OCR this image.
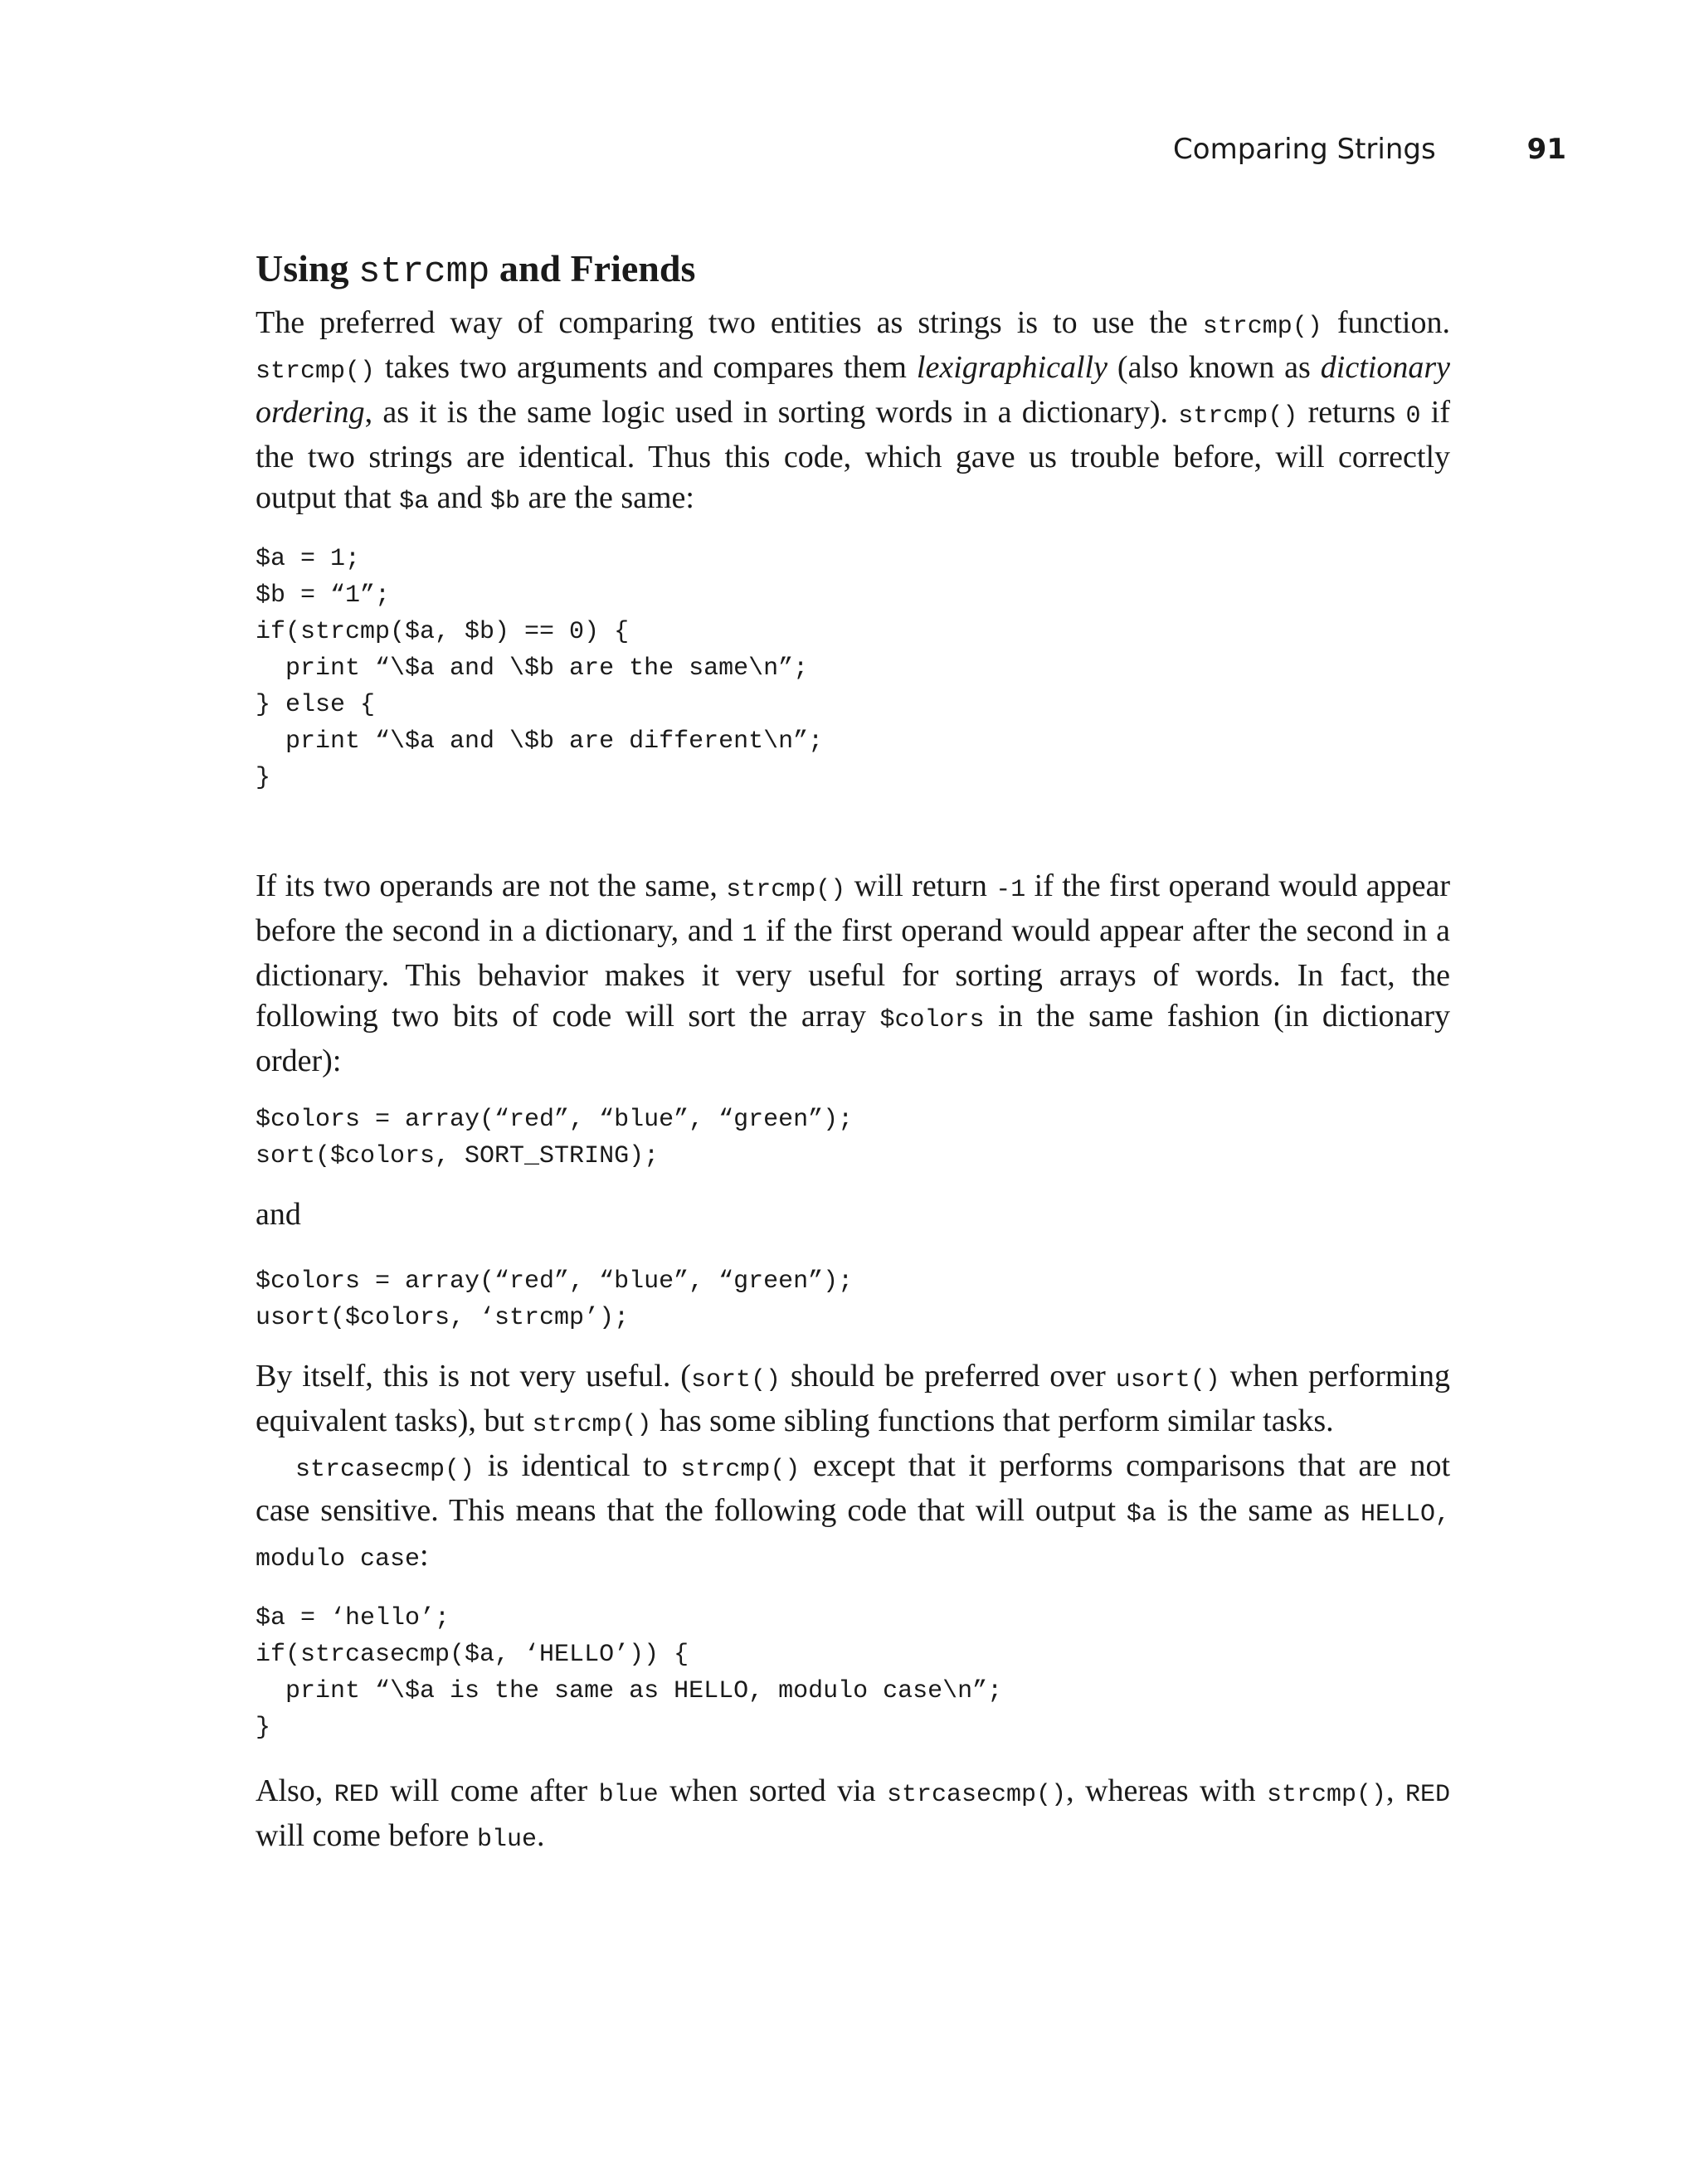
Comparing Strings	91
Using strcmp and Friends

The preferred way of comparing two entities as strings is to use the strcmp() function. strcmp() takes two arguments and compares them lexigraphically (also known as dictionary ordering, as it is the same logic used in sorting words in a dictionary). strcmp() returns 0 if the two strings are identical. Thus this code, which gave us trouble before, will correctly output that $a and $b are the same:

$a = 1;
$b = “1”;
if(strcmp($a, $b) == 0) {
print “\$a and \$b are the same\n”;
} else {
print “\$a and \$b are different\n”;
}

If its two operands are not the same, strcmp() will return -1 if the first operand would appear before the second in a dictionary, and 1 if the first operand would appear after the second in a dictionary. This behavior makes it very useful for sorting arrays of words. In fact, the following two bits of code will sort the array $colors in the same fashion (in dictionary order):

$colors = array(“red”, “blue”, “green”);
sort($colors, SORT_STRING);

and

$colors = array(“red”, “blue”, “green”);
usort($colors, ‘strcmp’);

By itself, this is not very useful. (sort() should be preferred over usort() when performing equivalent tasks), but strcmp() has some sibling functions that perform similar tasks.

strcasecmp() is identical to strcmp() except that it performs comparisons that are not case sensitive. This means that the following code that will output $a is the same as HELLO, modulo case:

$a = ‘hello’;
if(strcasecmp($a, ‘HELLO’)) {
print “\$a is the same as HELLO, modulo case\n”;
}

Also, RED will come after blue when sorted via strcasecmp(), whereas with strcmp(), RED will come before blue.
